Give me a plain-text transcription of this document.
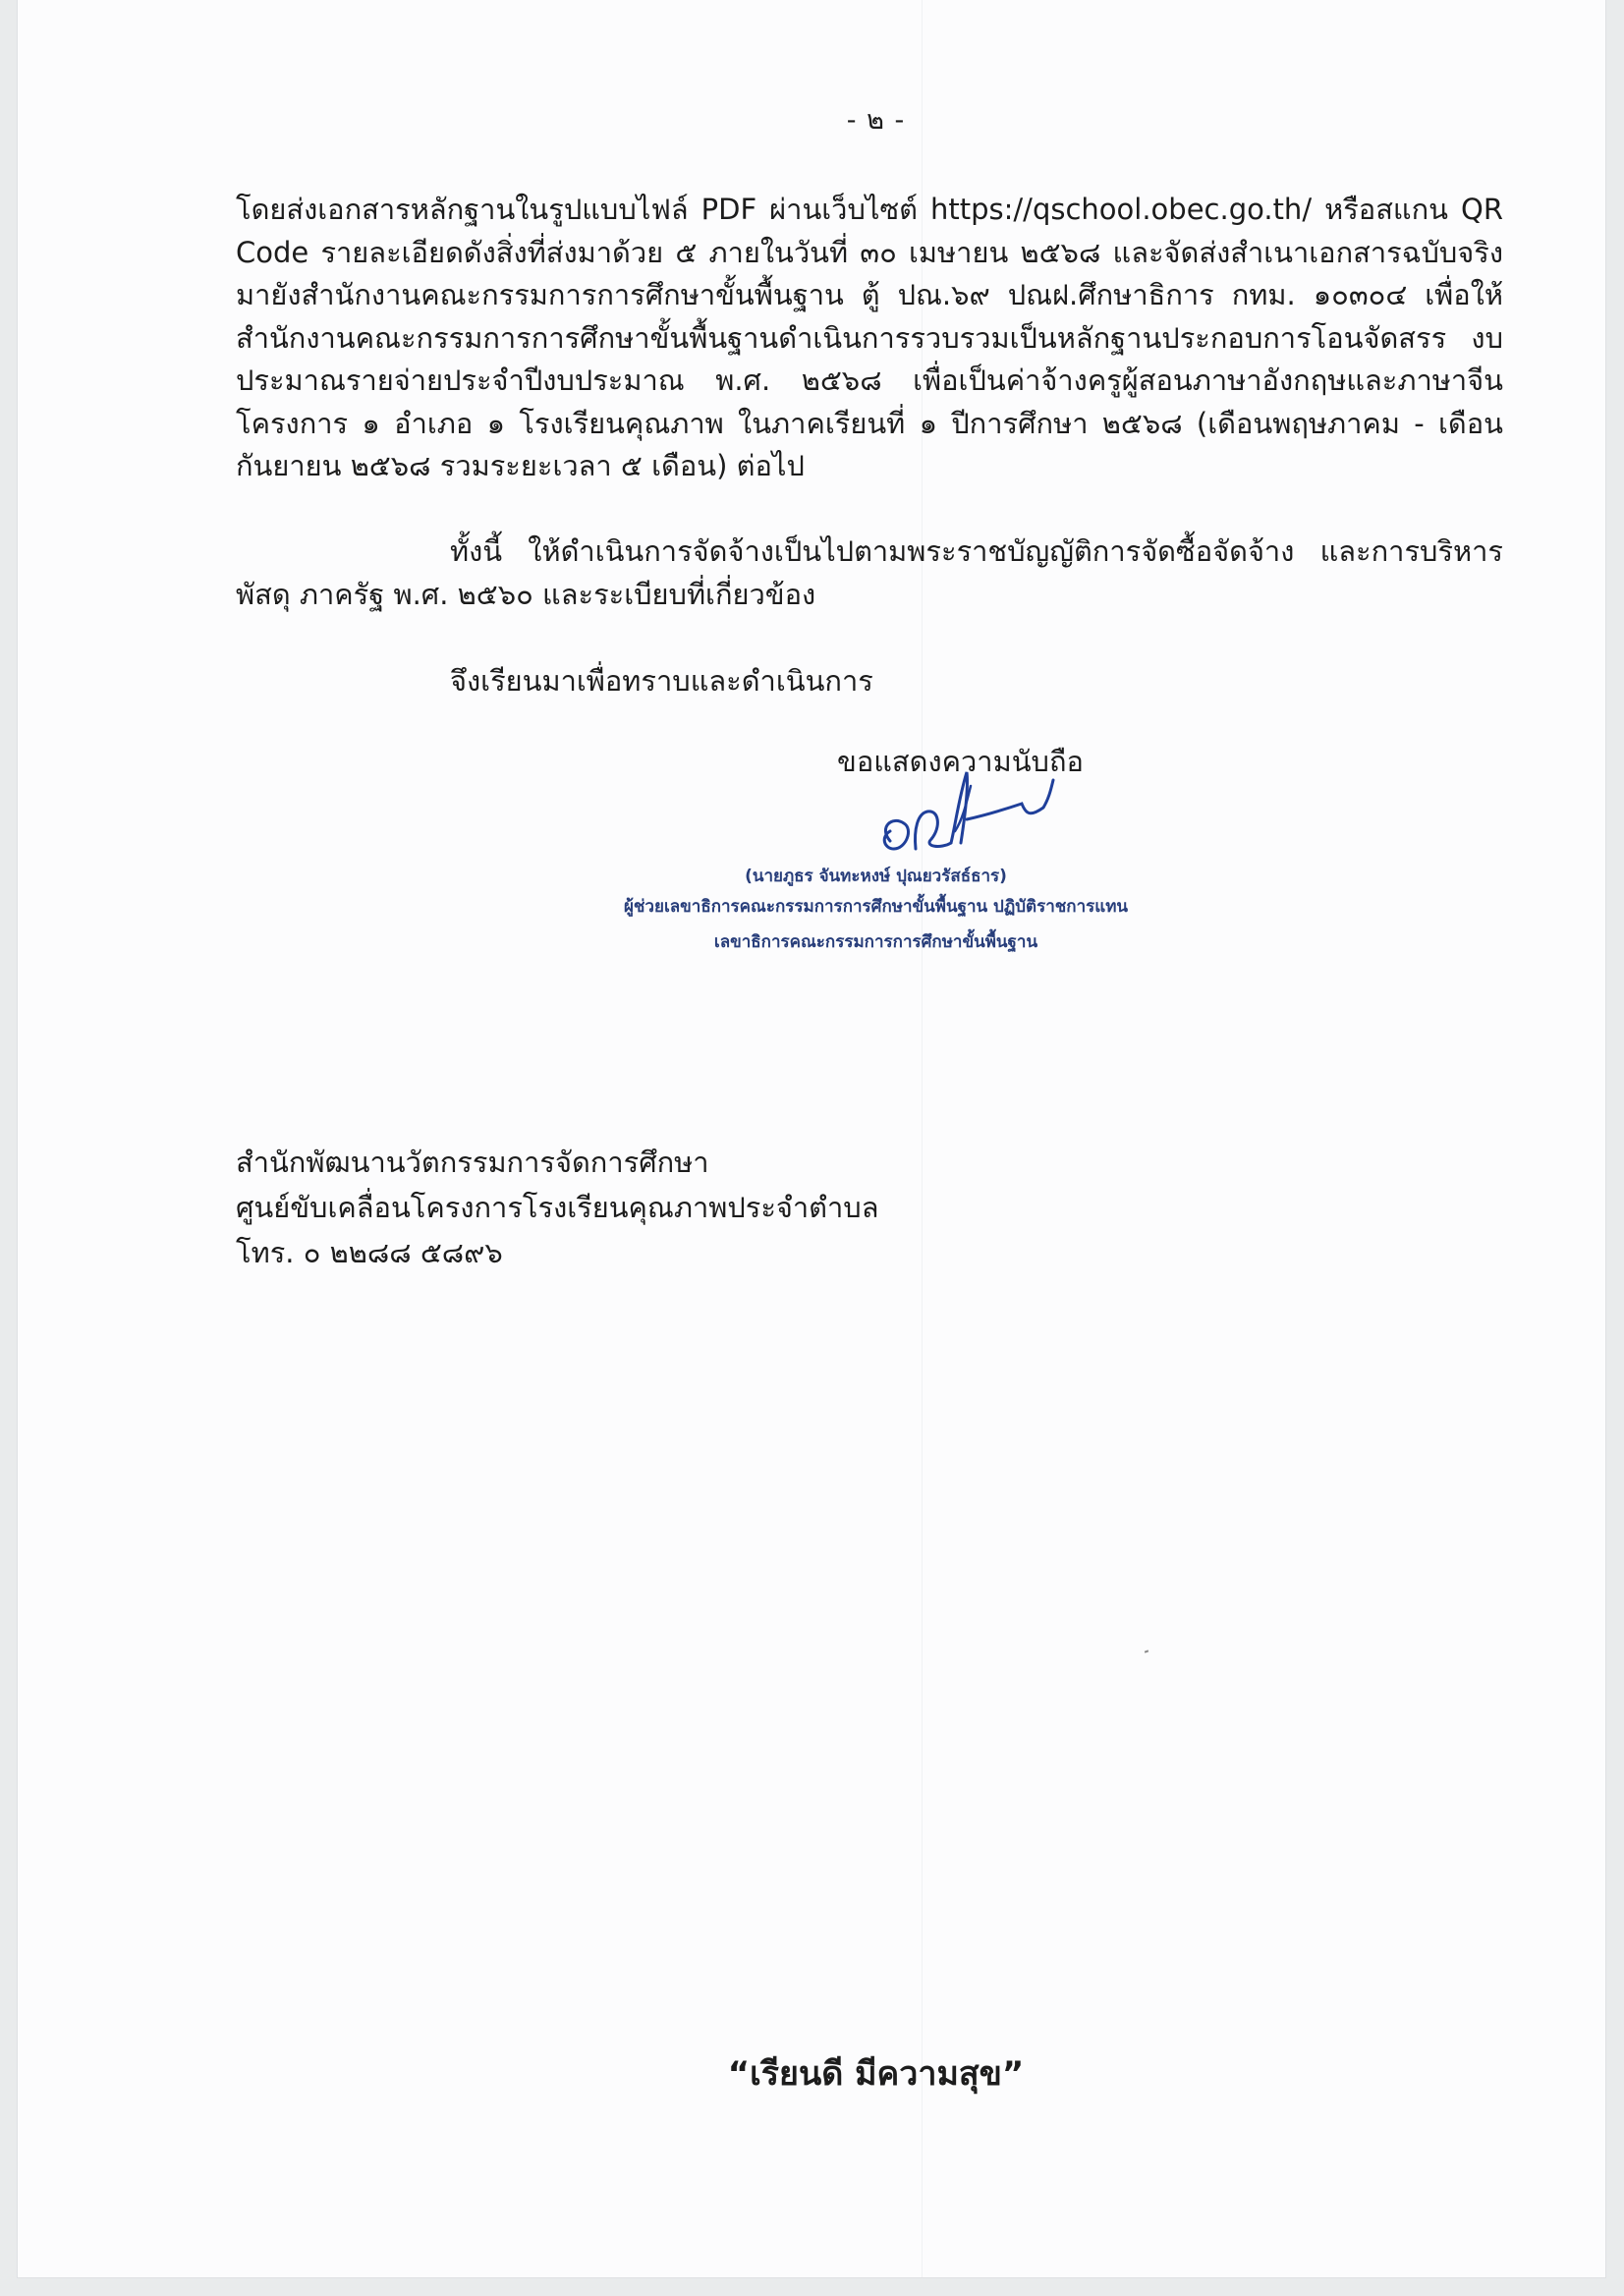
- ๒ -
โดยส่งเอกสารหลักฐานในรูปแบบไฟล์ PDF ผ่านเว็บไซต์ https://qschool.obec.go.th/ หรือสแกน QR Code รายละเอียดดังสิ่งที่ส่งมาด้วย ๕ ภายในวันที่ ๓๐ เมษายน ๒๕๖๘ และจัดส่งสำเนาเอกสารฉบับจริง มายังสำนักงานคณะกรรมการการศึกษาขั้นพื้นฐาน ตู้ ปณ.๖๙ ปณฝ.ศึกษาธิการ กทม. ๑๐๓๐๔ เพื่อให้ สำนักงานคณะกรรมการการศึกษาขั้นพื้นฐานดำเนินการรวบรวมเป็นหลักฐานประกอบการโอนจัดสรร งบประมาณรายจ่ายประจำปีงบประมาณ พ.ศ. ๒๕๖๘ เพื่อเป็นค่าจ้างครูผู้สอนภาษาอังกฤษและภาษาจีน โครงการ ๑ อำเภอ ๑ โรงเรียนคุณภาพ ในภาคเรียนที่ ๑ ปีการศึกษา ๒๕๖๘ (เดือนพฤษภาคม - เดือน กันยายน ๒๕๖๘ รวมระยะเวลา ๕ เดือน) ต่อไป
ทั้งนี้ ให้ดำเนินการจัดจ้างเป็นไปตามพระราชบัญญัติการจัดซื้อจัดจ้าง และการบริหารพัสดุ ภาครัฐ พ.ศ. ๒๕๖๐ และระเบียบที่เกี่ยวข้อง
จึงเรียนมาเพื่อทราบและดำเนินการ
ขอแสดงความนับถือ
(นายภูธร จันทะหงษ์ ปุณยวรัสธ์ธาร)
ผู้ช่วยเลขาธิการคณะกรรมการการศึกษาขั้นพื้นฐาน ปฏิบัติราชการแทน
เลขาธิการคณะกรรมการการศึกษาขั้นพื้นฐาน
สำนักพัฒนานวัตกรรมการจัดการศึกษา
ศูนย์ขับเคลื่อนโครงการโรงเรียนคุณภาพประจำตำบล
โทร. ๐ ๒๒๘๘ ๕๘๙๖
“เรียนดี มีความสุข”
